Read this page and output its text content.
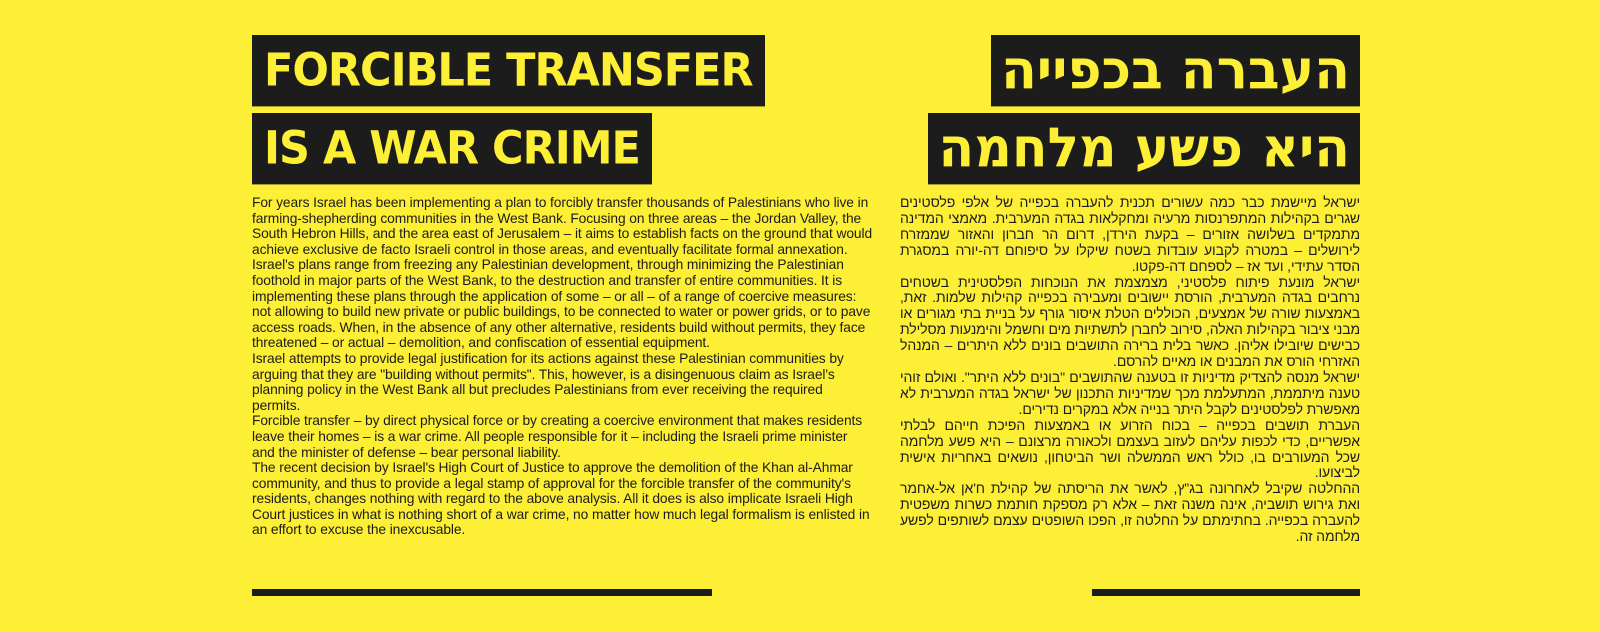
FORCIBLE TRANSFER
IS A WAR CRIME

For years Israel has been implementing a plan to forcibly transfer thousands of Palestinians who live in farming-shepherding communities in the West Bank. Focusing on three areas – the Jordan Valley, the South Hebron Hills, and the area east of Jerusalem – it aims to establish facts on the ground that would achieve exclusive de facto Israeli control in those areas, and eventually facilitate formal annexation.

Israel's plans range from freezing any Palestinian development, through minimizing the Palestinian foothold in major parts of the West Bank, to the destruction and transfer of entire communities. It is implementing these plans through the application of some – or all – of a range of coercive measures: not allowing to build new private or public buildings, to be connected to water or power grids, or to pave access roads. When, in the absence of any other alternative, residents build without permits, they face threatened – or actual – demolition, and confiscation of essential equipment.

Israel attempts to provide legal justification for its actions against these Palestinian communities by arguing that they are "building without permits". This, however, is a disingenuous claim as Israel's planning policy in the West Bank all but precludes Palestinians from ever receiving the required permits.

Forcible transfer – by direct physical force or by creating a coercive environment that makes residents leave their homes – is a war crime. All people responsible for it – including the Israeli prime minister and the minister of defense – bear personal liability.

The recent decision by Israel's High Court of Justice to approve the demolition of the Khan al-Ahmar community, and thus to provide a legal stamp of approval for the forcible transfer of the community's residents, changes nothing with regard to the above analysis. All it does is also implicate Israeli High Court justices in what is nothing short of a war crime, no matter how much legal formalism is enlisted in an effort to excuse the inexcusable.

העברה בכפייה
היא פשע מלחמה

ישראל מיישמת כבר כמה עשורים תכנית להעברה בכפייה של אלפי פלסטינים שגרים בקהילות המתפרנסות מרעיה ומחקלאות בגדה המערבית. מאמצי המדינה מתמקדים בשלושה אזורים – בקעת הירדן, דרום הר חברון והאזור שממזרח לירושלים – במטרה לקבוע עובדות בשטח שיקלו על סיפוחם דה-יורה במסגרת הסדר עתידי, ועד אז – לספחם דה-פקטו.

ישראל מונעת פיתוח פלסטיני, מצמצמת את הנוכחות הפלסטינית בשטחים נרחבים בגדה המערבית, הורסת יישובים ומעבירה בכפייה קהילות שלמות. זאת, באמצעות שורה של אמצעים, הכוללים הטלת איסור גורף על בניית בתי מגורים או מבני ציבור בקהילות האלה, סירוב לחברן לתשתיות מים וחשמל והימנעות מסלילת כבישים שיובילו אליהן. כאשר בלית ברירה התושבים בונים ללא היתרים – המנהל האזרחי הורס את המבנים או מאיים להרסם.

ישראל מנסה להצדיק מדיניות זו בטענה שהתושבים "בונים ללא היתר". ואולם זוהי טענה מיתממת, המתעלמת מכך שמדיניות התכנון של ישראל בגדה המערבית לא מאפשרת לפלסטינים לקבל היתר בנייה אלא במקרים נדירים.

העברת תושבים בכפייה – בכוח הזרוע או באמצעות הפיכת חייהם לבלתי אפשריים, כדי לכפות עליהם לעזוב בעצמם ולכאורה מרצונם – היא פשע מלחמה שכל המעורבים בו, כולל ראש הממשלה ושר הביטחון, נושאים באחריות אישית לביצועו.

ההחלטה שקיבל לאחרונה בג"ץ, לאשר את הריסתה של קהילת ח'אן אל-אחמר ואת גירוש תושביה, אינה משנה זאת – אלא רק מספקת חותמת כשרות משפטית להעברה בכפייה. בחתימתם על החלטה זו, הפכו השופטים עצמם לשותפים לפשע מלחמה זה.
